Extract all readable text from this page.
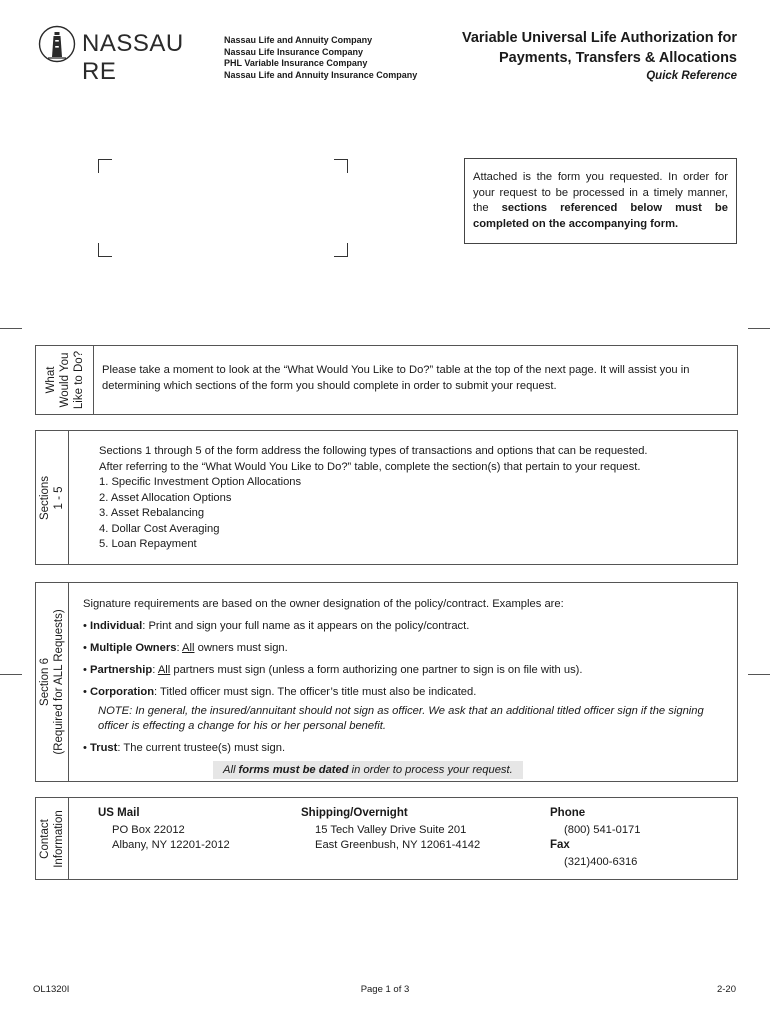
NASSAU RE
Nassau Life and Annuity Company
Nassau Life Insurance Company
PHL Variable Insurance Company
Nassau Life and Annuity Insurance Company
Variable Universal Life Authorization for
Payments, Transfers & Allocations
Quick Reference
Attached is the form you requested. In order for your request to be processed in a timely manner, the sections referenced below must be completed on the accompanying form.
What Would You Like to Do? Please take a moment to look at the “What Would You Like to Do?” table at the top of the next page. It will assist you in determining which sections of the form you should complete in order to submit your request.
Sections 1 - 5
Sections 1 through 5 of the form address the following types of transactions and options that can be requested.
After referring to the “What Would You Like to Do?” table, complete the section(s) that pertain to your request.
1. Specific Investment Option Allocations
2. Asset Allocation Options
3. Asset Rebalancing
4. Dollar Cost Averaging
5. Loan Repayment
Section 6 (Required for ALL Requests)
Signature requirements are based on the owner designation of the policy/contract. Examples are:
• Individual: Print and sign your full name as it appears on the policy/contract.
• Multiple Owners: All owners must sign.
• Partnership: All partners must sign (unless a form authorizing one partner to sign is on file with us).
• Corporation: Titled officer must sign. The officer’s title must also be indicated.
NOTE: In general, the insured/annuitant should not sign as officer. We ask that an additional titled officer sign if the signing officer is effecting a change for his or her personal benefit.
• Trust: The current trustee(s) must sign.
All forms must be dated in order to process your request.
Contact Information	US Mail
PO Box 22012
Albany, NY 12201-2012
Shipping/Overnight
15 Tech Valley Drive Suite 201
East Greenbush, NY 12061-4142
Phone
(800) 541-0171
Fax
(321)400-6316
OL1320I	Page 1 of 3	2-20
